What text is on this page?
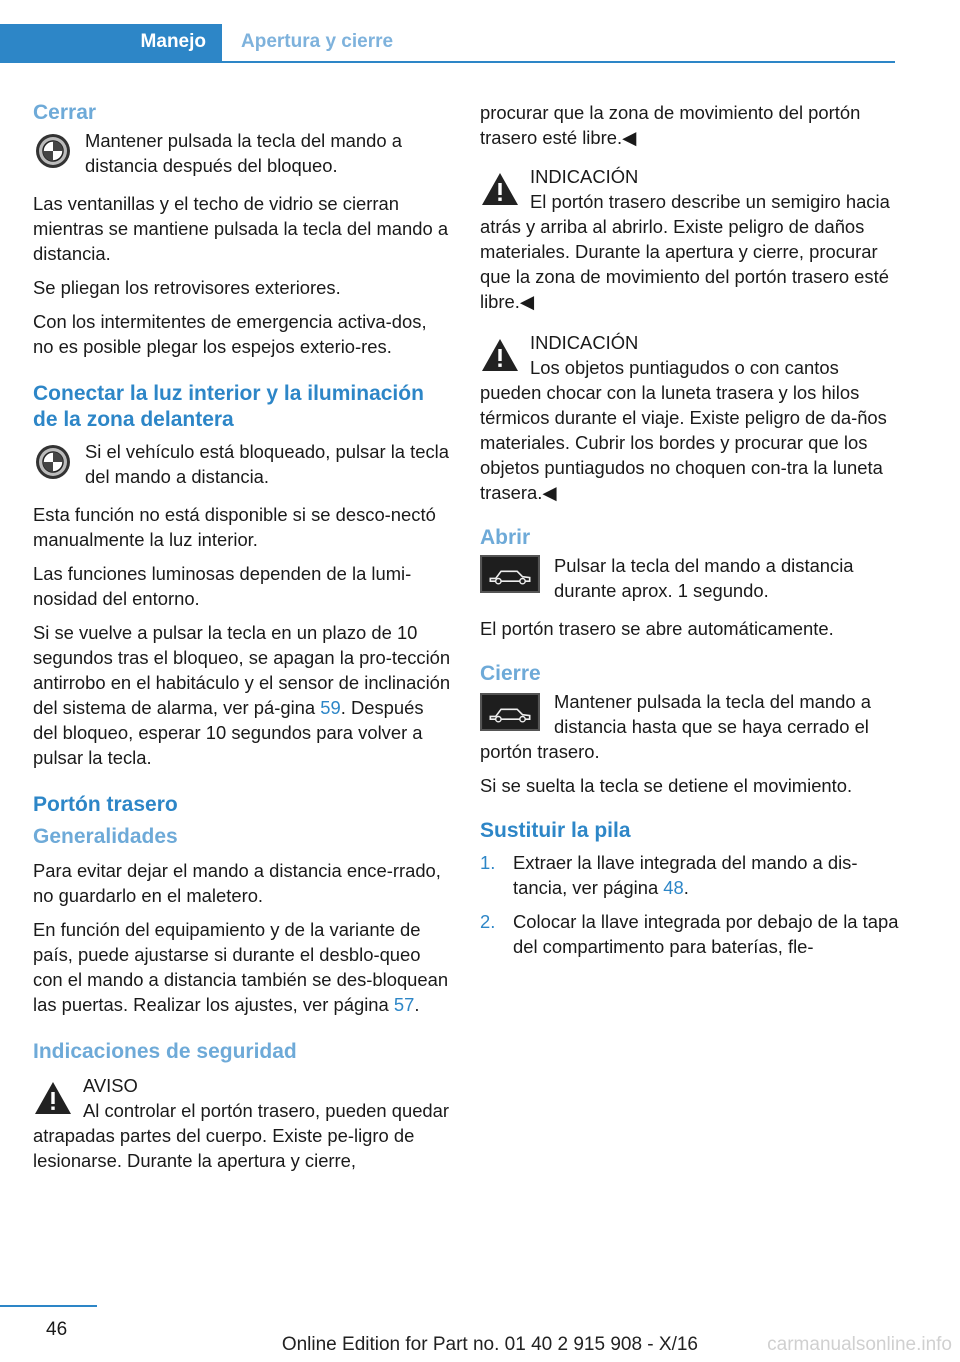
Manejo Apertura y cierre
Cerrar
Mantener pulsada la tecla del mando a distancia después del bloqueo.

Las ventanillas y el techo de vidrio se cierran mientras se mantiene pulsada la tecla del mando a distancia.

Se pliegan los retrovisores exteriores.

Con los intermitentes de emergencia activa‐dos, no es posible plegar los espejos exterio‐res.

Conectar la luz interior y la iluminación de la zona delantera
Si el vehículo está bloqueado, pulsar la tecla del mando a distancia.

Esta función no está disponible si se desco‐nectó manualmente la luz interior.

Las funciones luminosas dependen de la lumi‐nosidad del entorno.

Si se vuelve a pulsar la tecla en un plazo de 10 segundos tras el bloqueo, se apagan la pro‐tección antirrobo en el habitáculo y el sensor de inclinación del sistema de alarma, ver pá‐gina 59. Después del bloqueo, esperar 10 segundos para volver a pulsar la tecla.

Portón trasero
Generalidades

Para evitar dejar el mando a distancia ence‐rrado, no guardarlo en el maletero.

En función del equipamiento y de la variante de país, puede ajustarse si durante el desblo‐queo con el mando a distancia también se des‐bloquean las puertas. Realizar los ajustes, ver página 57.

Indicaciones de seguridad
AVISO
Al controlar el portón trasero, pueden quedar atrapadas partes del cuerpo. Existe pe‐ligro de lesionarse. Durante la apertura y cierre,

procurar que la zona de movimiento del portón trasero esté libre.◀

INDICACIÓN
El portón trasero describe un semigiro hacia atrás y arriba al abrirlo. Existe peligro de daños materiales. Durante la apertura y cierre, procurar que la zona de movimiento del portón trasero esté libre.◀
INDICACIÓN
Los objetos puntiagudos o con cantos pueden chocar con la luneta trasera y los hilos térmicos durante el viaje. Existe peligro de da‐ños materiales. Cubrir los bordes y procurar que los objetos puntiagudos no choquen con‐tra la luneta trasera.◀
Abrir
Pulsar la tecla del mando a distancia durante aprox. 1 segundo.

El portón trasero se abre automáticamente.

Cierre
Mantener pulsada la tecla del mando a distancia hasta que se haya cerrado el portón trasero.

Si se suelta la tecla se detiene el movimiento.

Sustituir la pila
1. Extraer la llave integrada del mando a dis‐tancia, ver página 48.
2. Colocar la llave integrada por debajo de la tapa del compartimento para baterías, fle‐
46
Online Edition for Part no. 01 40 2 915 908 - X/16	carmanualsonline.info
